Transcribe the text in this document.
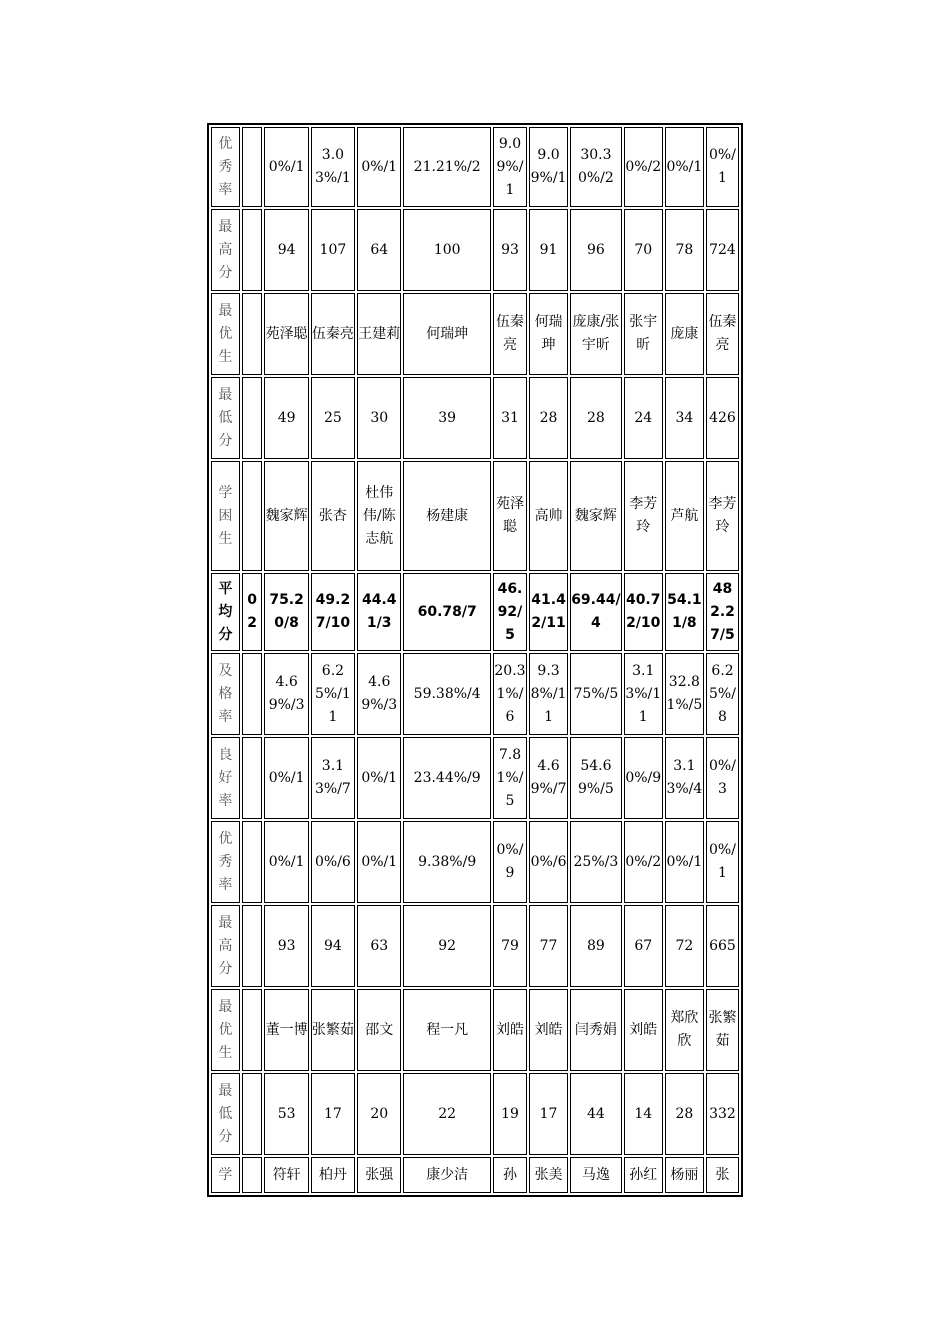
优秀率		0%/1	3.03%/1	0%/1	21.21%/2	9.09%/1	9.09%/1	30.30%/2	0%/2	0%/1	0%/1
最高分		94	107	64	100	93	91	96	70	78	724
最优生		苑泽聪	伍秦亮	王建莉	何瑞珅	伍秦亮	何瑞珅	庞康/张宇昕	张宇昕	庞康	伍秦亮
最低分		49	25	30	39	31	28	28	24	34	426
学困生		魏家辉	张杏	杜伟伟/陈志航	杨建康	苑泽聪	高帅	魏家辉	李芳玲	芦航	李芳玲
平均分	02	75.20/8	49.27/10	44.41/3	60.78/7	46.92/5	41.42/11	69.44/4	40.72/10	54.11/8	482.27/5
及格率		4.69%/3	6.25%/11	4.69%/3	59.38%/4	20.31%/6	9.38%/11	75%/5	3.13%/11	32.81%/5	6.25%/8
良好率		0%/1	3.13%/7	0%/1	23.44%/9	7.81%/5	4.69%/7	54.69%/5	0%/9	3.13%/4	0%/3
优秀率		0%/1	0%/6	0%/1	9.38%/9	0%/9	0%/6	25%/3	0%/2	0%/1	0%/1
最高分		93	94	63	92	79	77	89	67	72	665
最优生		董一博	张繁茹	邵文	程一凡	刘皓	刘皓	闫秀娟	刘皓	郑欣欣	张繁茹
最低分		53	17	20	22	19	17	44	14	28	332
学		符轩	柏丹	张强	康少洁	孙	张美	马逸	孙红	杨丽	张
